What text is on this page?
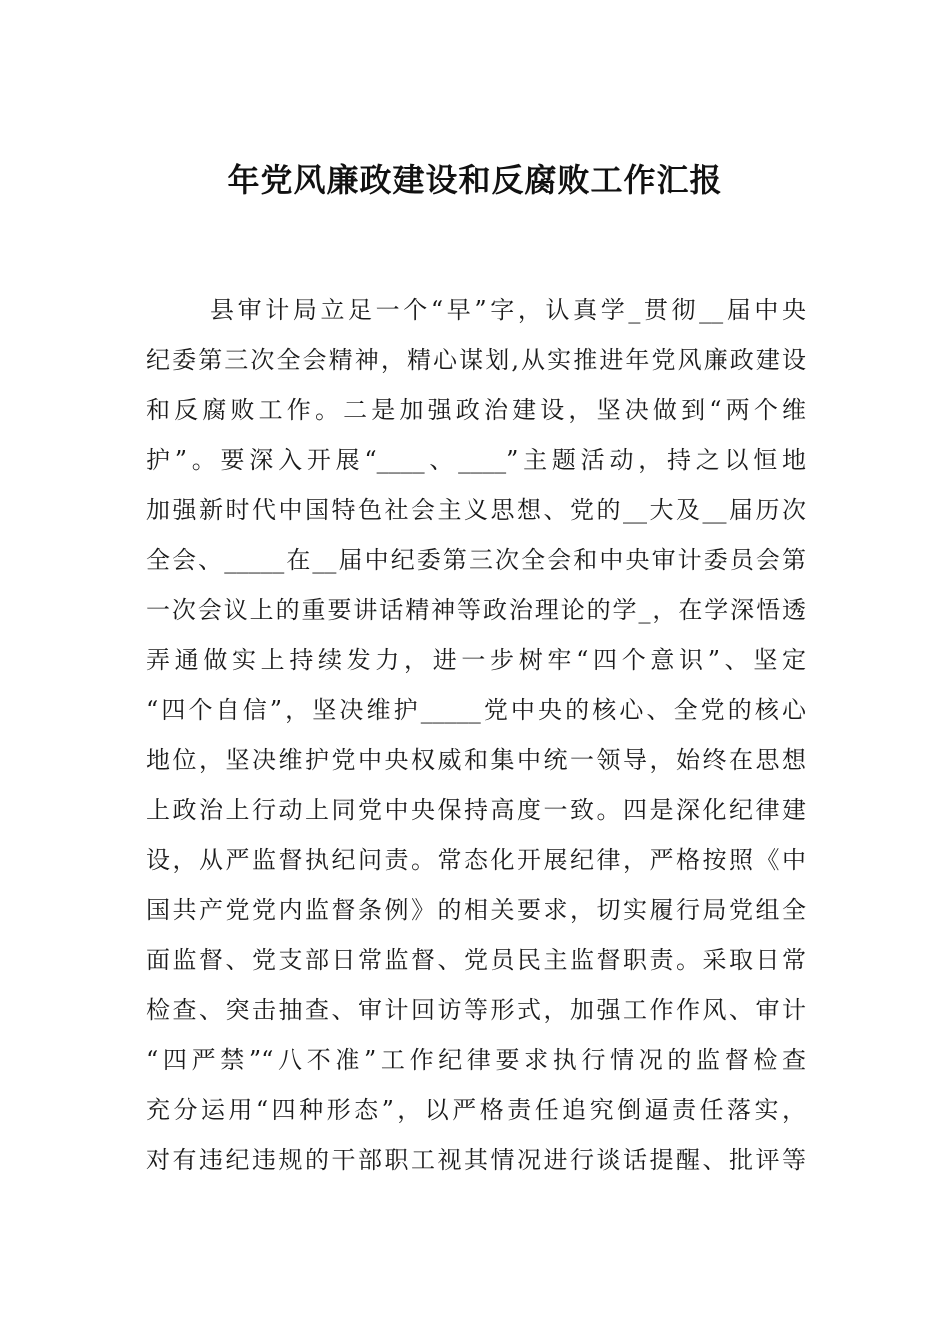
年党风廉政建设和反腐败工作汇报
县审计局立足一个“早”字，认真学_贯彻__届中央
纪委第三次全会精神，精心谋划,从实推进年党风廉政建设
和反腐败工作。二是加强政治建设，坚决做到“两个维
护”。要深入开展“____、____”主题活动，持之以恒地
加强新时代中国特色社会主义思想、党的__大及__届历次
全会、_____在__届中纪委第三次全会和中央审计委员会第
一次会议上的重要讲话精神等政治理论的学_，在学深悟透
弄通做实上持续发力，进一步树牢“四个意识”、坚定
“四个自信”，坚决维护_____党中央的核心、全党的核心
地位，坚决维护党中央权威和集中统一领导，始终在思想
上政治上行动上同党中央保持高度一致。四是深化纪律建
设，从严监督执纪问责。常态化开展纪律，严格按照《中
国共产党党内监督条例》的相关要求，切实履行局党组全
面监督、党支部日常监督、党员民主监督职责。采取日常
检查、突击抽查、审计回访等形式，加强工作作风、审计
“四严禁”“八不准”工作纪律要求执行情况的监督检查
充分运用“四种形态”，以严格责任追究倒逼责任落实，
对有违纪违规的干部职工视其情况进行谈话提醒、批评等
